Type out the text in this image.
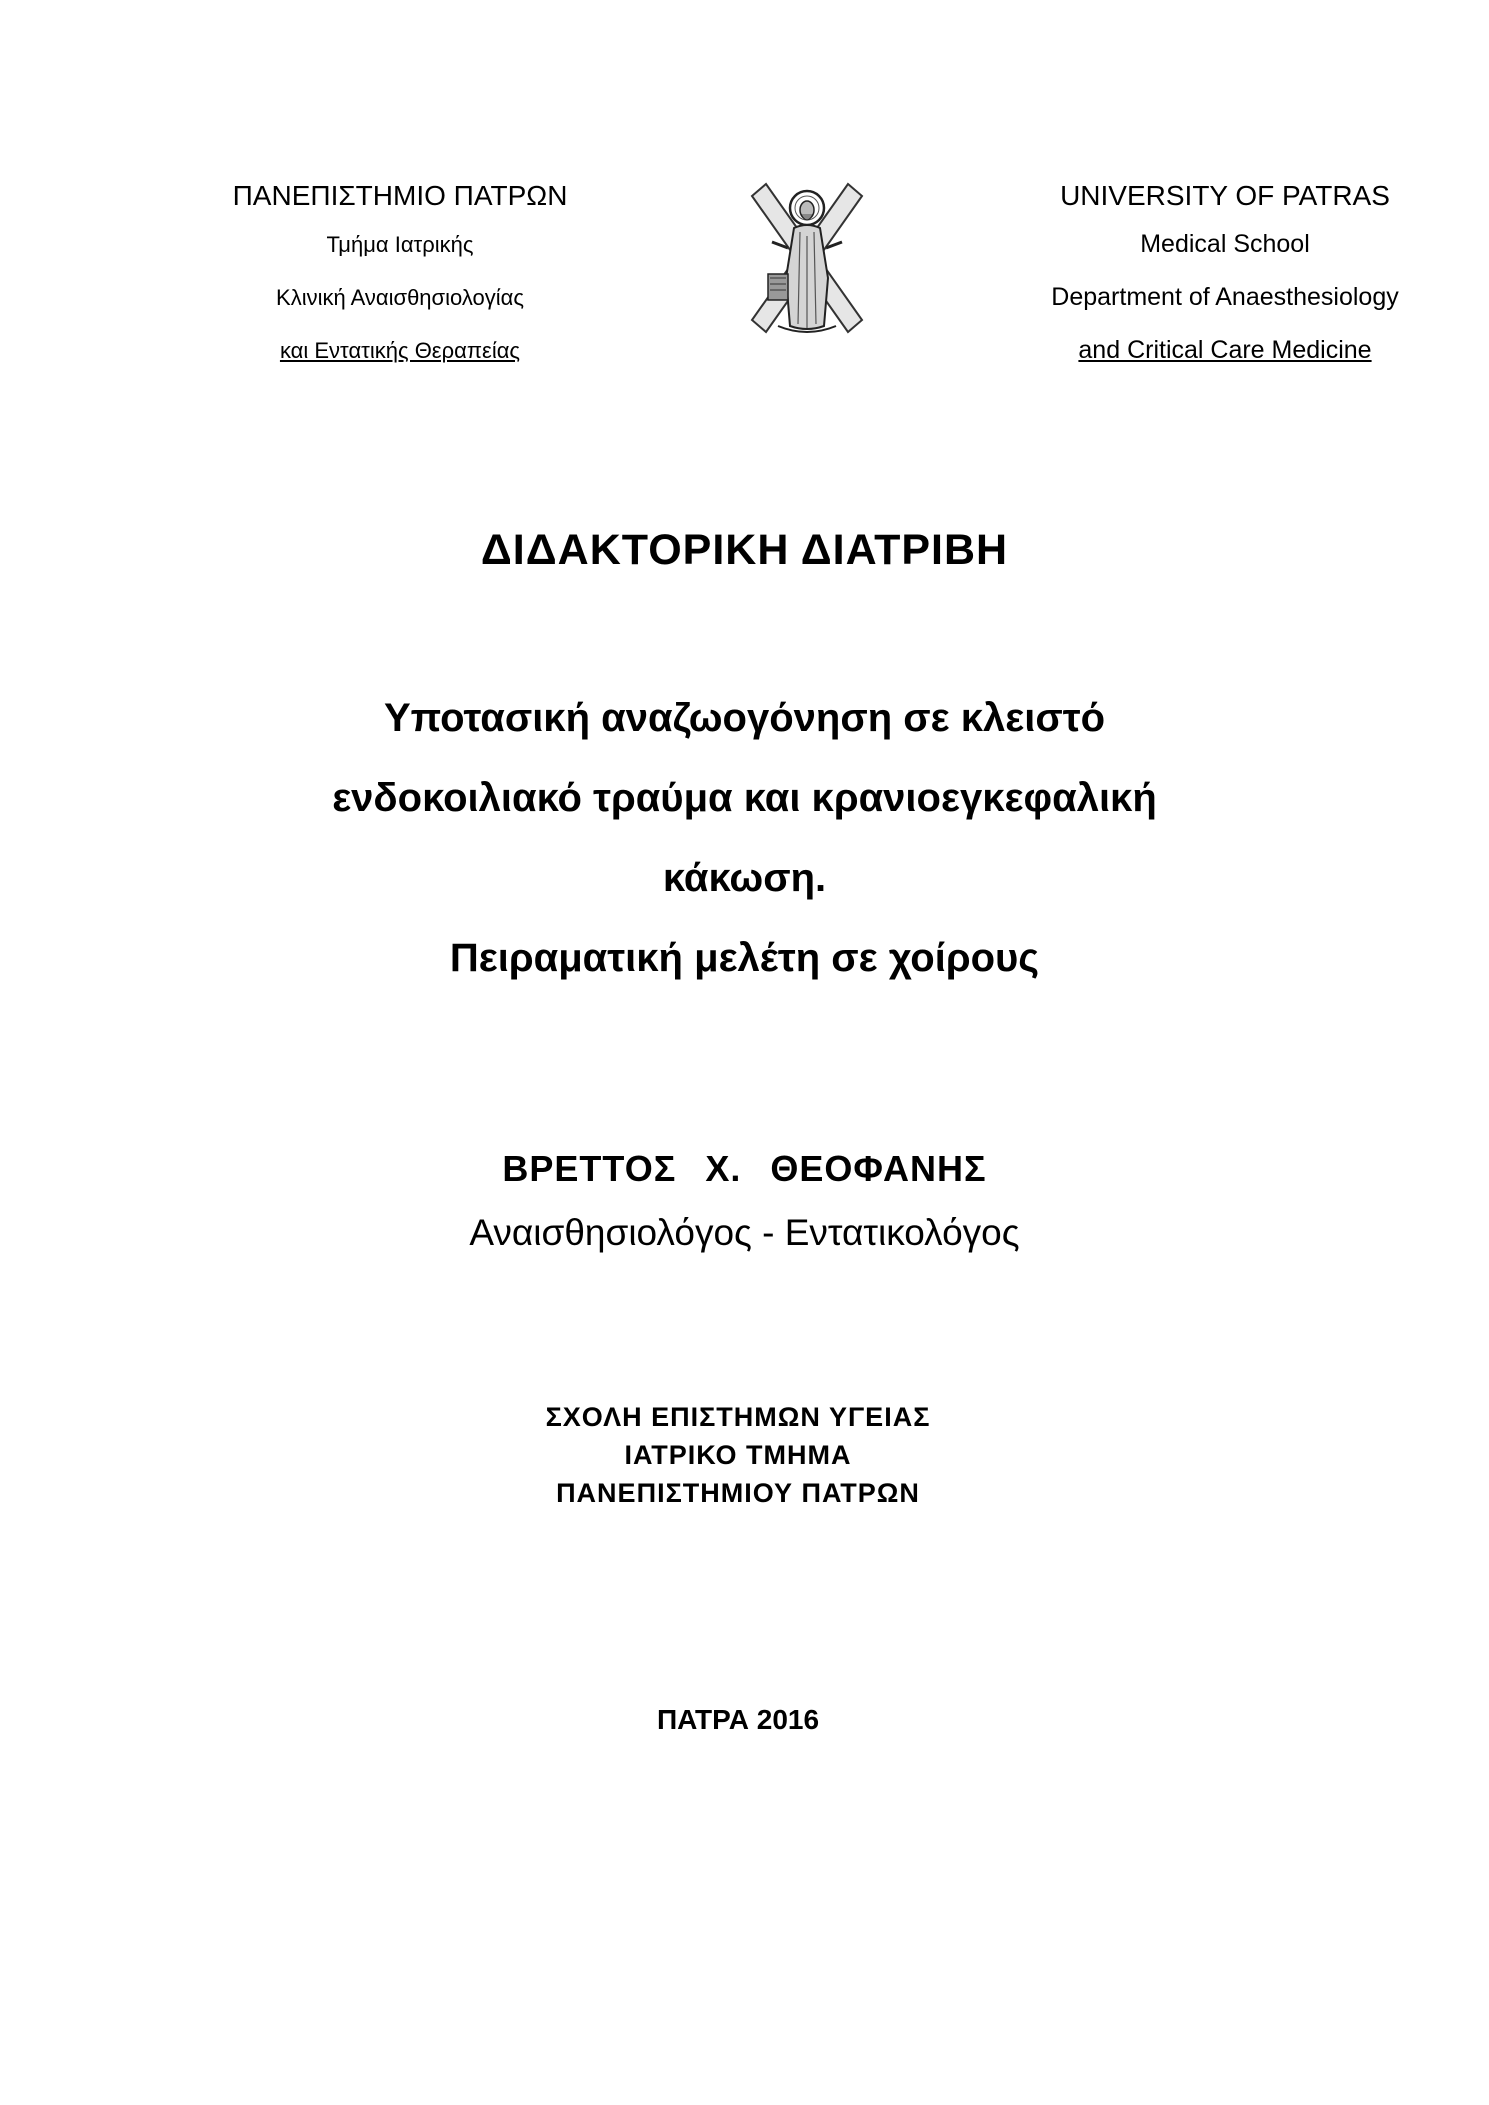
ΠΑΝΕΠΙΣΤΗΜΙΟ ΠΑΤΡΩΝ
Τμήμα Ιατρικής
Κλινική Αναισθησιολογίας
και Εντατικής Θεραπείας
UNIVERSITY OF PATRAS
Medical School
Department of Anaesthesiology
and Critical Care Medicine
ΔΙΔΑΚΤΟΡΙΚΗ ΔΙΑΤΡΙΒΗ
Υποτασική αναζωογόνηση σε κλειστό
ενδοκοιλιακό τραύμα και κρανιοεγκεφαλική
κάκωση.
Πειραματική μελέτη σε χοίρους
ΒΡΕΤΤΟΣ Χ. ΘΕΟΦΑΝΗΣ
Αναισθησιολόγος - Εντατικολόγος
ΣΧΟΛΗ ΕΠΙΣΤΗΜΩΝ ΥΓΕΙΑΣ
ΙΑΤΡΙΚΟ ΤΜΗΜΑ
ΠΑΝΕΠΙΣΤΗΜΙΟΥ ΠΑΤΡΩΝ
ΠΑΤΡΑ 2016
